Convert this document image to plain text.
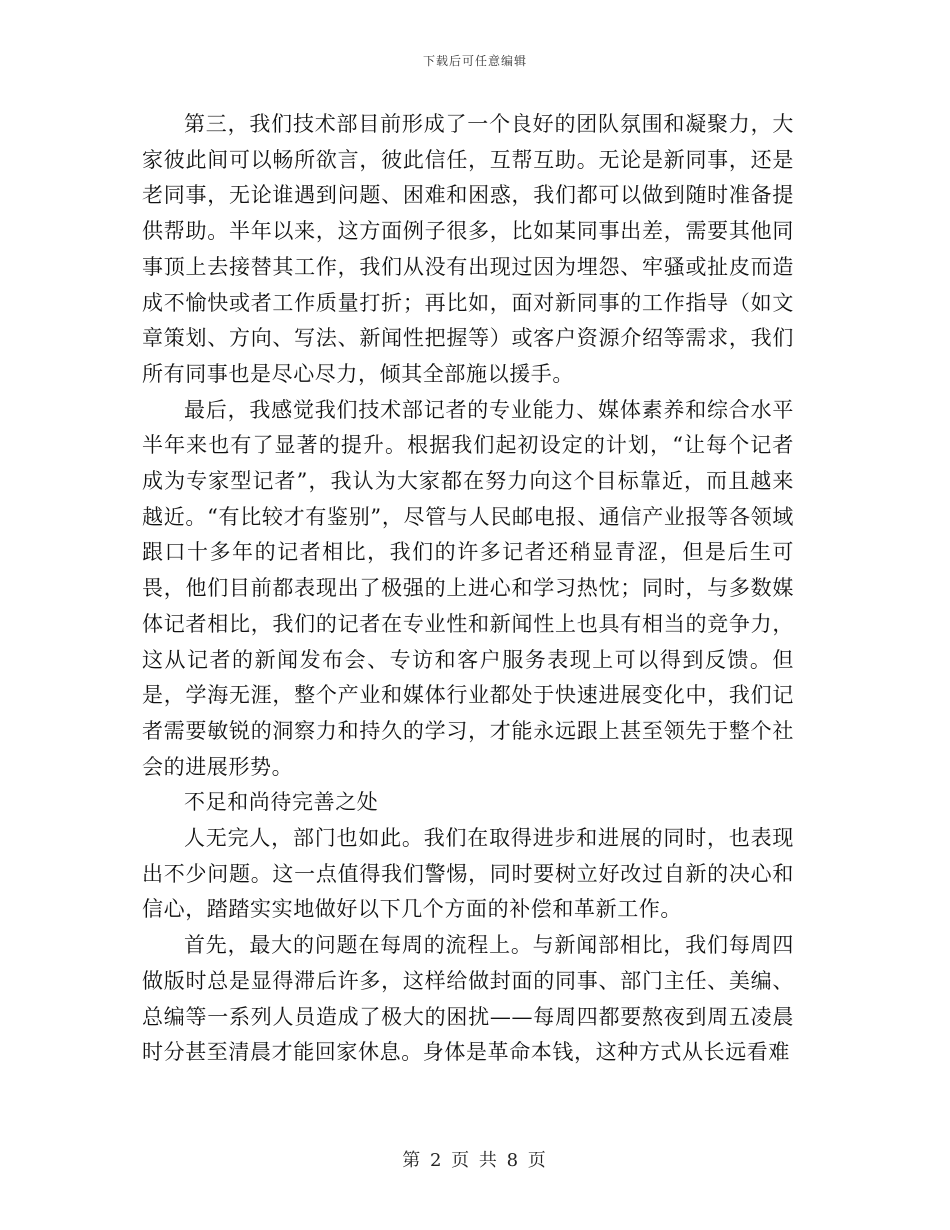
下载后可任意编辑

第三，我们技术部目前形成了一个良好的团队氛围和凝聚力，大家彼此间可以畅所欲言，彼此信任，互帮互助。无论是新同事，还是老同事，无论谁遇到问题、困难和困惑，我们都可以做到随时准备提供帮助。半年以来，这方面例子很多，比如某同事出差，需要其他同事顶上去接替其工作，我们从没有出现过因为埋怨、牢骚或扯皮而造成不愉快或者工作质量打折；再比如，面对新同事的工作指导（如文章策划、方向、写法、新闻性把握等）或客户资源介绍等需求，我们所有同事也是尽心尽力，倾其全部施以援手。

最后，我感觉我们技术部记者的专业能力、媒体素养和综合水平半年来也有了显著的提升。根据我们起初设定的计划，“让每个记者成为专家型记者”，我认为大家都在努力向这个目标靠近，而且越来越近。“有比较才有鉴别”，尽管与人民邮电报、通信产业报等各领域跟口十多年的记者相比，我们的许多记者还稍显青涩，但是后生可畏，他们目前都表现出了极强的上进心和学习热忱；同时，与多数媒体记者相比，我们的记者在专业性和新闻性上也具有相当的竞争力，这从记者的新闻发布会、专访和客户服务表现上可以得到反馈。但是，学海无涯，整个产业和媒体行业都处于快速进展变化中，我们记者需要敏锐的洞察力和持久的学习，才能永远跟上甚至领先于整个社会的进展形势。

不足和尚待完善之处

人无完人，部门也如此。我们在取得进步和进展的同时，也表现出不少问题。这一点值得我们警惕，同时要树立好改过自新的决心和信心，踏踏实实地做好以下几个方面的补偿和革新工作。

首先，最大的问题在每周的流程上。与新闻部相比，我们每周四做版时总是显得滞后许多，这样给做封面的同事、部门主任、美编、总编等一系列人员造成了极大的困扰——每周四都要熬夜到周五凌晨时分甚至清晨才能回家休息。身体是革命本钱，这种方式从长远看难

第 2 页 共 8 页
